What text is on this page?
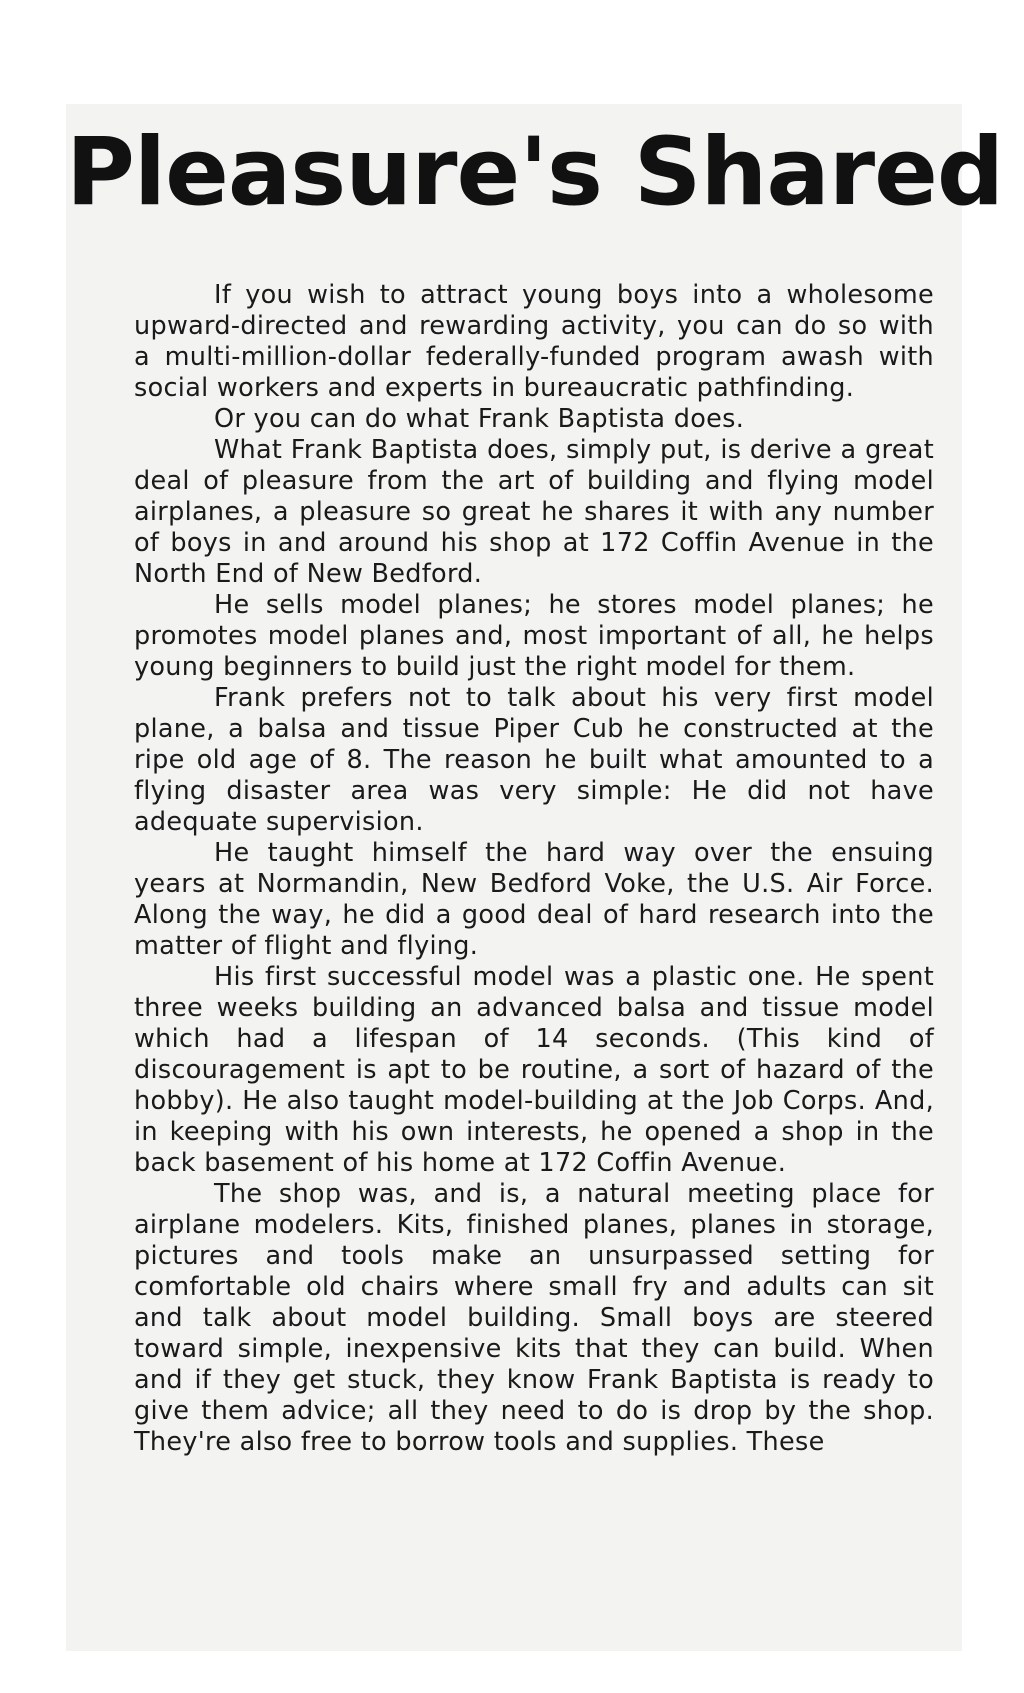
Pleasure's Shared

If you wish to attract young boys into a wholesome upward-directed and rewarding activity, you can do so with a multi-million-dollar federally-funded program awash with social workers and experts in bureaucratic pathfinding.

Or you can do what Frank Baptista does.

What Frank Baptista does, simply put, is derive a great deal of pleasure from the art of building and flying model airplanes, a pleasure so great he shares it with any number of boys in and around his shop at 172 Coffin Avenue in the North End of New Bedford.

He sells model planes; he stores model planes; he promotes model planes and, most important of all, he helps young beginners to build just the right model for them.

Frank prefers not to talk about his very first model plane, a balsa and tissue Piper Cub he constructed at the ripe old age of 8. The reason he built what amounted to a flying disaster area was very simple: He did not have adequate supervision.

He taught himself the hard way over the ensuing years at Normandin, New Bedford Voke, the U.S. Air Force. Along the way, he did a good deal of hard research into the matter of flight and flying.

His first successful model was a plastic one. He spent three weeks building an advanced balsa and tissue model which had a lifespan of 14 seconds. (This kind of discouragement is apt to be routine, a sort of hazard of the hobby). He also taught model-building at the Job Corps. And, in keeping with his own interests, he opened a shop in the back basement of his home at 172 Coffin Avenue.

The shop was, and is, a natural meeting place for airplane modelers. Kits, finished planes, planes in storage, pictures and tools make an unsurpassed setting for comfortable old chairs where small fry and adults can sit and talk about model building. Small boys are steered toward simple, inexpensive kits that they can build. When and if they get stuck, they know Frank Baptista is ready to give them advice; all they need to do is drop by the shop. They're also free to borrow tools and supplies. These
